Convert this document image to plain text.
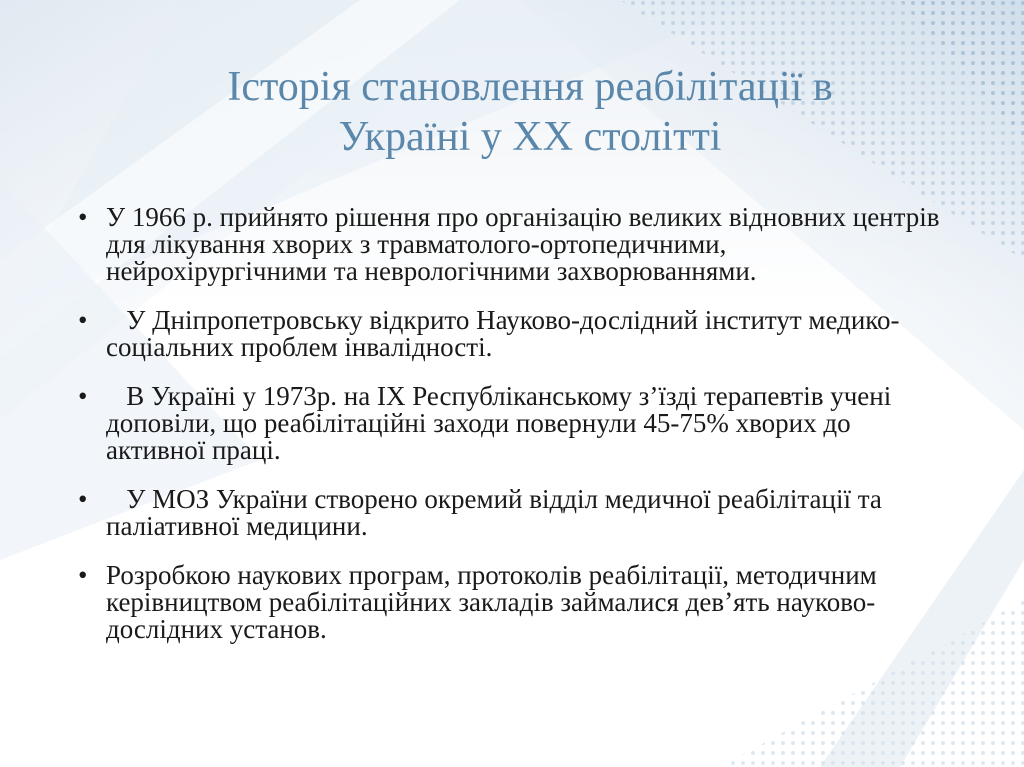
Історія становлення реабілітації в
Україні у ХХ столітті
• У 1966 р. прийнято рішення про організацію великих відновних центрів для лікування хворих з травматолого-ортопедичними, нейрохірургічними та неврологічними захворюваннями.
• У Дніпропетровську відкрито Науково-дослідний інститут медико-соціальних проблем інвалідності.
• В Україні у 1973р. на ІХ Республіканському з’їзді терапевтів учені доповіли, що реабілітаційні заходи повернули 45-75% хворих до активної праці.
• У МОЗ України створено окремий відділ медичної реабілітації та паліативної медицини.
• Розробкою наукових програм, протоколів реабілітації, методичним керівництвом реабілітаційних закладів займалися девʼять науково-дослідних установ.
